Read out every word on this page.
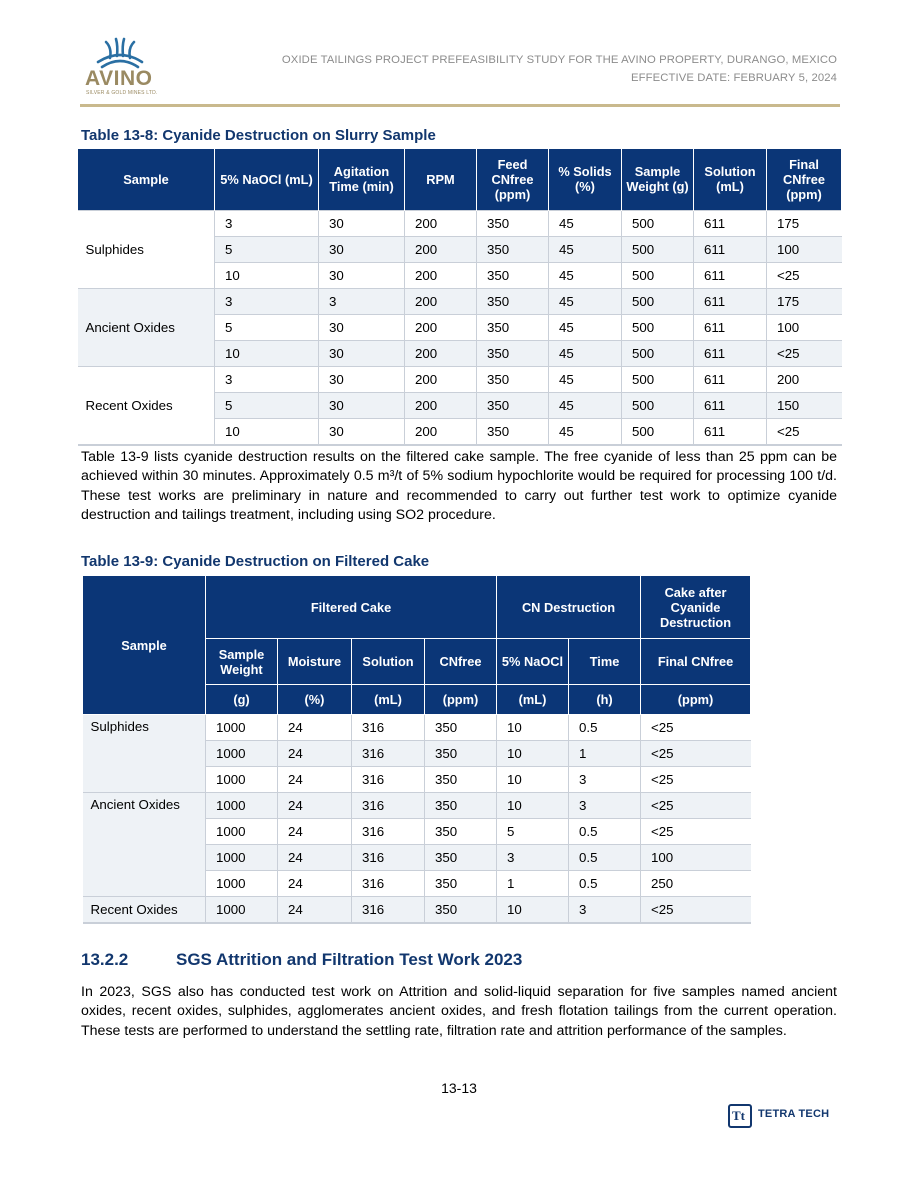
AVINO
SILVER & GOLD MINES LTD.
OXIDE TAILINGS PROJECT PREFEASIBILITY STUDY FOR THE AVINO PROPERTY, DURANGO, MEXICO
EFFECTIVE DATE: FEBRUARY 5, 2024
Table 13-8: Cyanide Destruction on Slurry Sample
Sample	5% NaOCl (mL)	Agitation Time (min)	RPM	Feed CNfree (ppm)	% Solids (%)	Sample Weight (g)	Solution (mL)	Final CNfree (ppm)
Sulphides	3	30	200	350	45	500	611	175
	5	30	200	350	45	500	611	100
	10	30	200	350	45	500	611	<25
Ancient Oxides	3	3	200	350	45	500	611	175
	5	30	200	350	45	500	611	100
	10	30	200	350	45	500	611	<25
Recent Oxides	3	30	200	350	45	500	611	200
	5	30	200	350	45	500	611	150
	10	30	200	350	45	500	611	<25

Table 13-9 lists cyanide destruction results on the filtered cake sample. The free cyanide of less than 25 ppm can be achieved within 30 minutes. Approximately 0.5 m³/t of 5% sodium hypochlorite would be required for processing 100 t/d. These test works are preliminary in nature and recommended to carry out further test work to optimize cyanide destruction and tailings treatment, including using SO2 procedure.

Table 13-9: Cyanide Destruction on Filtered Cake
Sample	Filtered Cake				CN Destruction		Cake after Cyanide Destruction
	Sample Weight	Moisture	Solution	CNfree	5% NaOCl	Time	Final CNfree
	(g)	(%)	(mL)	(ppm)	(mL)	(h)	(ppm)
Sulphides	1000	24	316	350	10	0.5	<25
	1000	24	316	350	10	1	<25
	1000	24	316	350	10	3	<25
Ancient Oxides	1000	24	316	350	10	3	<25
	1000	24	316	350	5	0.5	<25
	1000	24	316	350	3	0.5	100
	1000	24	316	350	1	0.5	250
Recent Oxides	1000	24	316	350	10	3	<25
13.2.2	SGS Attrition and Filtration Test Work 2023

In 2023, SGS also has conducted test work on Attrition and solid-liquid separation for five samples named ancient oxides, recent oxides, sulphides, agglomerates ancient oxides, and fresh flotation tailings from the current operation. These tests are performed to understand the settling rate, filtration rate and attrition performance of the samples.

13-13
Tt TETRA TECH
